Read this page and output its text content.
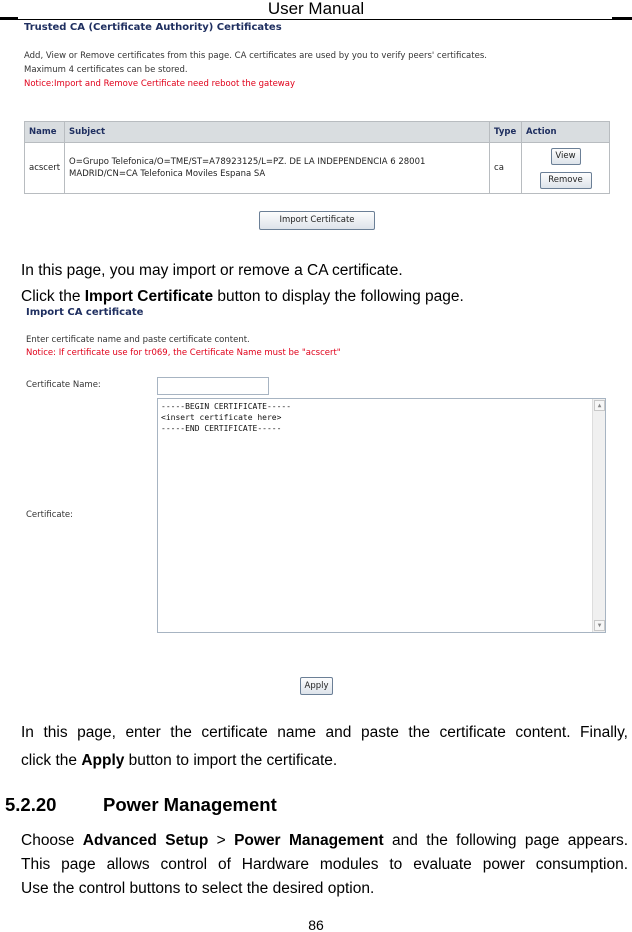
User Manual
Trusted CA (Certificate Authority) Certificates
Add, View or Remove certificates from this page. CA certificates are used by you to verify peers' certificates.
Maximum 4 certificates can be stored.
Notice:Import and Remove Certificate need reboot the gateway
Name	Subject	Type	Action
acscert	O=Grupo Telefonica/O=TME/ST=A78923125/L=PZ. DE LA INDEPENDENCIA 6 28001
MADRID/CN=CA Telefonica Moviles Espana SA	ca	View
Remove
Import Certificate
In this page, you may import or remove a CA certificate.
Click the Import Certificate button to display the following page.
Import CA certificate
Enter certificate name and paste certificate content.
Notice: If certificate use for tr069, the Certificate Name must be "acscert"
Certificate Name:
Certificate:
-----BEGIN CERTIFICATE-----
<insert certificate here>
-----END CERTIFICATE-----
▲
▼
Apply
In this page, enter the certificate name and paste the certificate content. Finally,
click the Apply button to import the certificate.
5.2.20	Power Management
Choose Advanced Setup > Power Management and the following page appears.
This page allows control of Hardware modules to evaluate power consumption.
Use the control buttons to select the desired option.
86
